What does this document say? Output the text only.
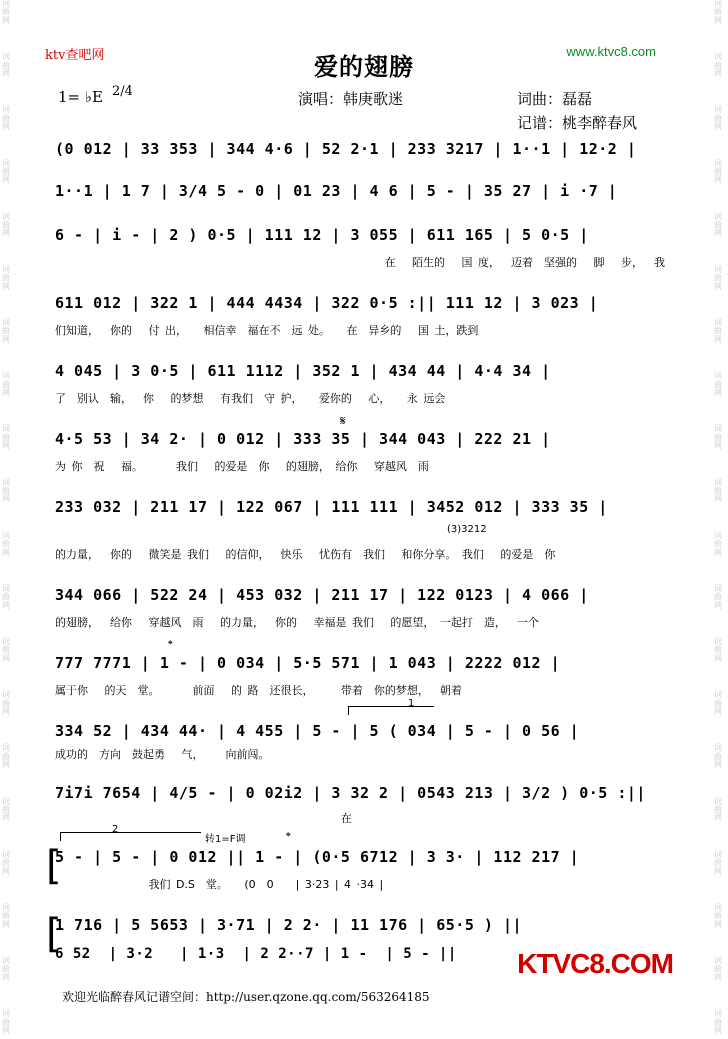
词曲网
词曲网
词曲网
词曲网
词曲网
词曲网
词曲网
词曲网
词曲网
词曲网
词曲网
词曲网
词曲网
词曲网
词曲网
词曲网
词曲网
词曲网
词曲网
词曲网
词曲网
词曲网
词曲网
词曲网
词曲网
词曲网
词曲网
词曲网
词曲网
词曲网
词曲网
词曲网
词曲网
词曲网
词曲网
词曲网
词曲网
词曲网
词曲网
词曲网
ktv查吧网	www.ktvc8.com
爱的翅膀
1= ♭E 2/4	演唱：韩庚歌迷	词曲：磊磊
记谱：桃李醉春风
(0 012 | 33 353 | 344 4·6 | 52 2·1 | 233 3217 | 1··1 | 12·2 |
1··1 | 1 7 | 3/4 5 - 0 | 01 23 | 4 6 | 5 - | 35 27 | i ·7 |
6 - | i - | 2 ) 0·5 | 111 12 | 3 055 | 611 165 | 5 0·5 |
在   陌生的   国 度，  迈着  坚强的   脚   步，  我
611 012 | 322 1 | 444 4434 | 322 0·5 :|| 111 12 | 3 023 |
们知道，  你的   付 出，   相信幸  福在不  远 处。   在  异乡的   国 土，跌到
4 045 | 3 0·5 | 611 1112 | 352 1 | 434 44 | 4·4 34 |
了  别认  输，  你   的梦想   有我们  守 护，   爱你的   心，   永 远会
𝄋
4·5 53 | 34 2· | 0 012 | 333 35 | 344 043 | 222 21 |
为 你  祝   福。      我们   的爱是  你   的翅膀， 给你   穿越风  雨
233 032 | 211 17 | 122 067 | 111 111 | 3452 012 | 333 35 |
(3)3212
的力量，  你的   微笑是 我们   的信仰，  快乐   忧伤有  我们   和你分享。 我们   的爱是  你
344 066 | 522 24 | 453 032 | 211 17 | 122 0123 | 4 066 |
的翅膀，  给你   穿越风  雨   的力量，  你的   幸福是 我们   的愿望， 一起打  造，  一个
𝄌
777 7771 | 1 - | 0 034 | 5·5 571 | 1 043 | 2222 012 |
属于你   的天  堂。      前面   的 路  还很长，     带着  你的梦想，  朝着
1
334 52 | 434 44· | 4 455 | 5 - | 5 ( 034 | 5 - | 0 56 |
成功的  方向  鼓起勇   气，    向前闯。
7i7i 7654 | 4/5 - | 0 02i2 | 3 32 2 | 0543 213 | 3/2 ) 0·5 :||
在
2
转1=F调	𝄌
[
5 - | 5 - | 0 012 || 1 - | (0·5 6712 | 3 3· | 112 217 |
我们 D.S  堂。   (0  0    | 3·23 | 4 ·34 |
[
1 716 | 5 5653 | 3·71 | 2 2· | 11 176 | 65·5 ) ||
6 52  | 3·2   | 1·3  | 2 2··7 | 1 -  | 5 - ||	KTVC8.COM
欢迎光临醉春风记谱空间：http://user.qzone.qq.com/563264185
